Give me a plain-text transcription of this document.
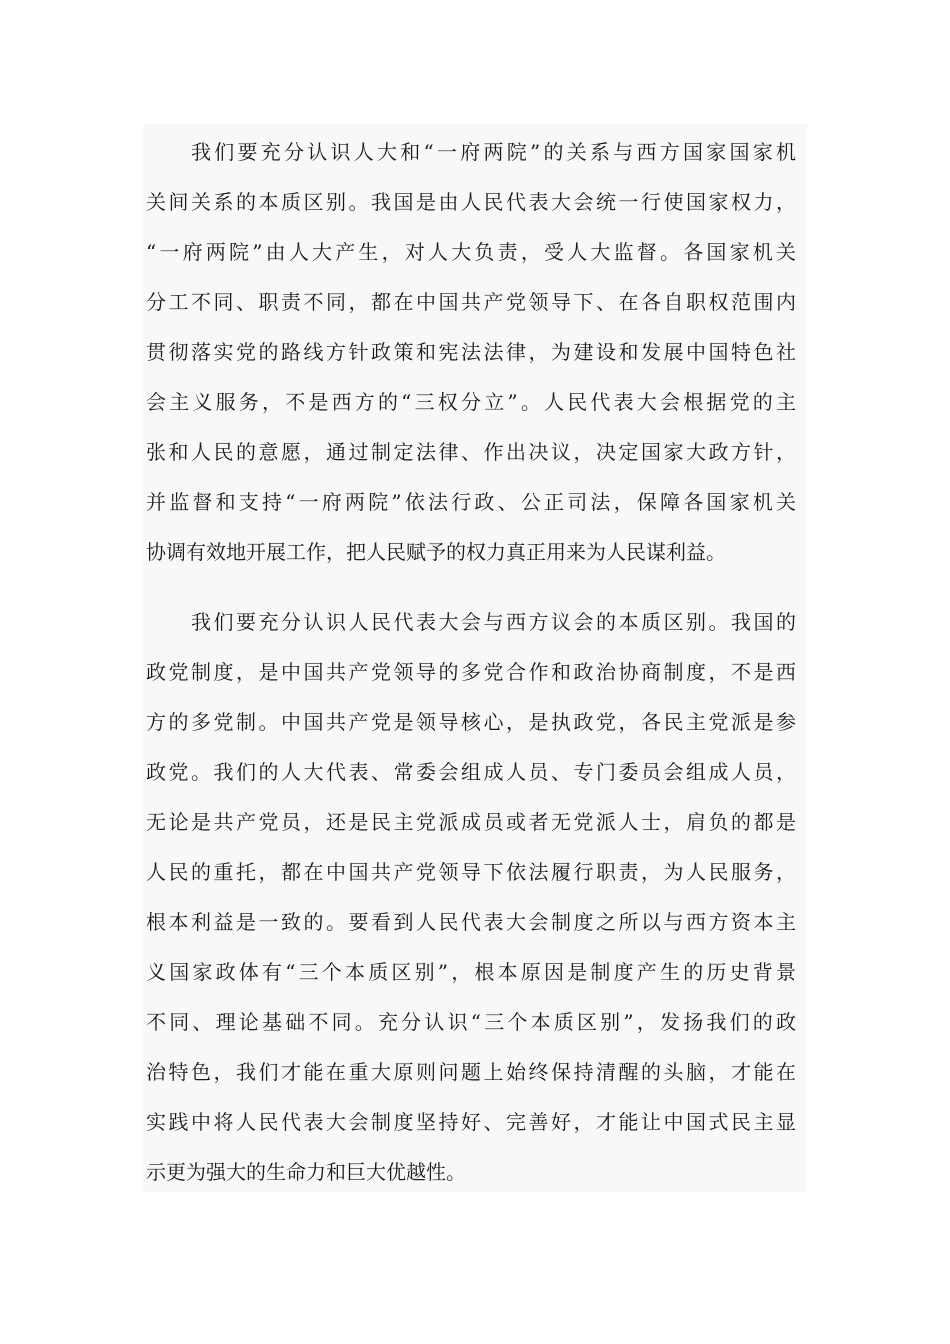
我们要充分认识人大和“一府两院”的关系与西方国家国家机
关间关系的本质区别。我国是由人民代表大会统一行使国家权力，
“一府两院”由人大产生，对人大负责，受人大监督。各国家机关
分工不同、职责不同，都在中国共产党领导下、在各自职权范围内
贯彻落实党的路线方针政策和宪法法律，为建设和发展中国特色社
会主义服务，不是西方的“三权分立”。人民代表大会根据党的主
张和人民的意愿，通过制定法律、作出决议，决定国家大政方针，
并监督和支持“一府两院”依法行政、公正司法，保障各国家机关
协调有效地开展工作，把人民赋予的权力真正用来为人民谋利益。
我们要充分认识人民代表大会与西方议会的本质区别。我国的
政党制度，是中国共产党领导的多党合作和政治协商制度，不是西
方的多党制。中国共产党是领导核心，是执政党，各民主党派是参
政党。我们的人大代表、常委会组成人员、专门委员会组成人员，
无论是共产党员，还是民主党派成员或者无党派人士，肩负的都是
人民的重托，都在中国共产党领导下依法履行职责，为人民服务，
根本利益是一致的。要看到人民代表大会制度之所以与西方资本主
义国家政体有“三个本质区别”，根本原因是制度产生的历史背景
不同、理论基础不同。充分认识“三个本质区别”，发扬我们的政
治特色，我们才能在重大原则问题上始终保持清醒的头脑，才能在
实践中将人民代表大会制度坚持好、完善好，才能让中国式民主显
示更为强大的生命力和巨大优越性。
